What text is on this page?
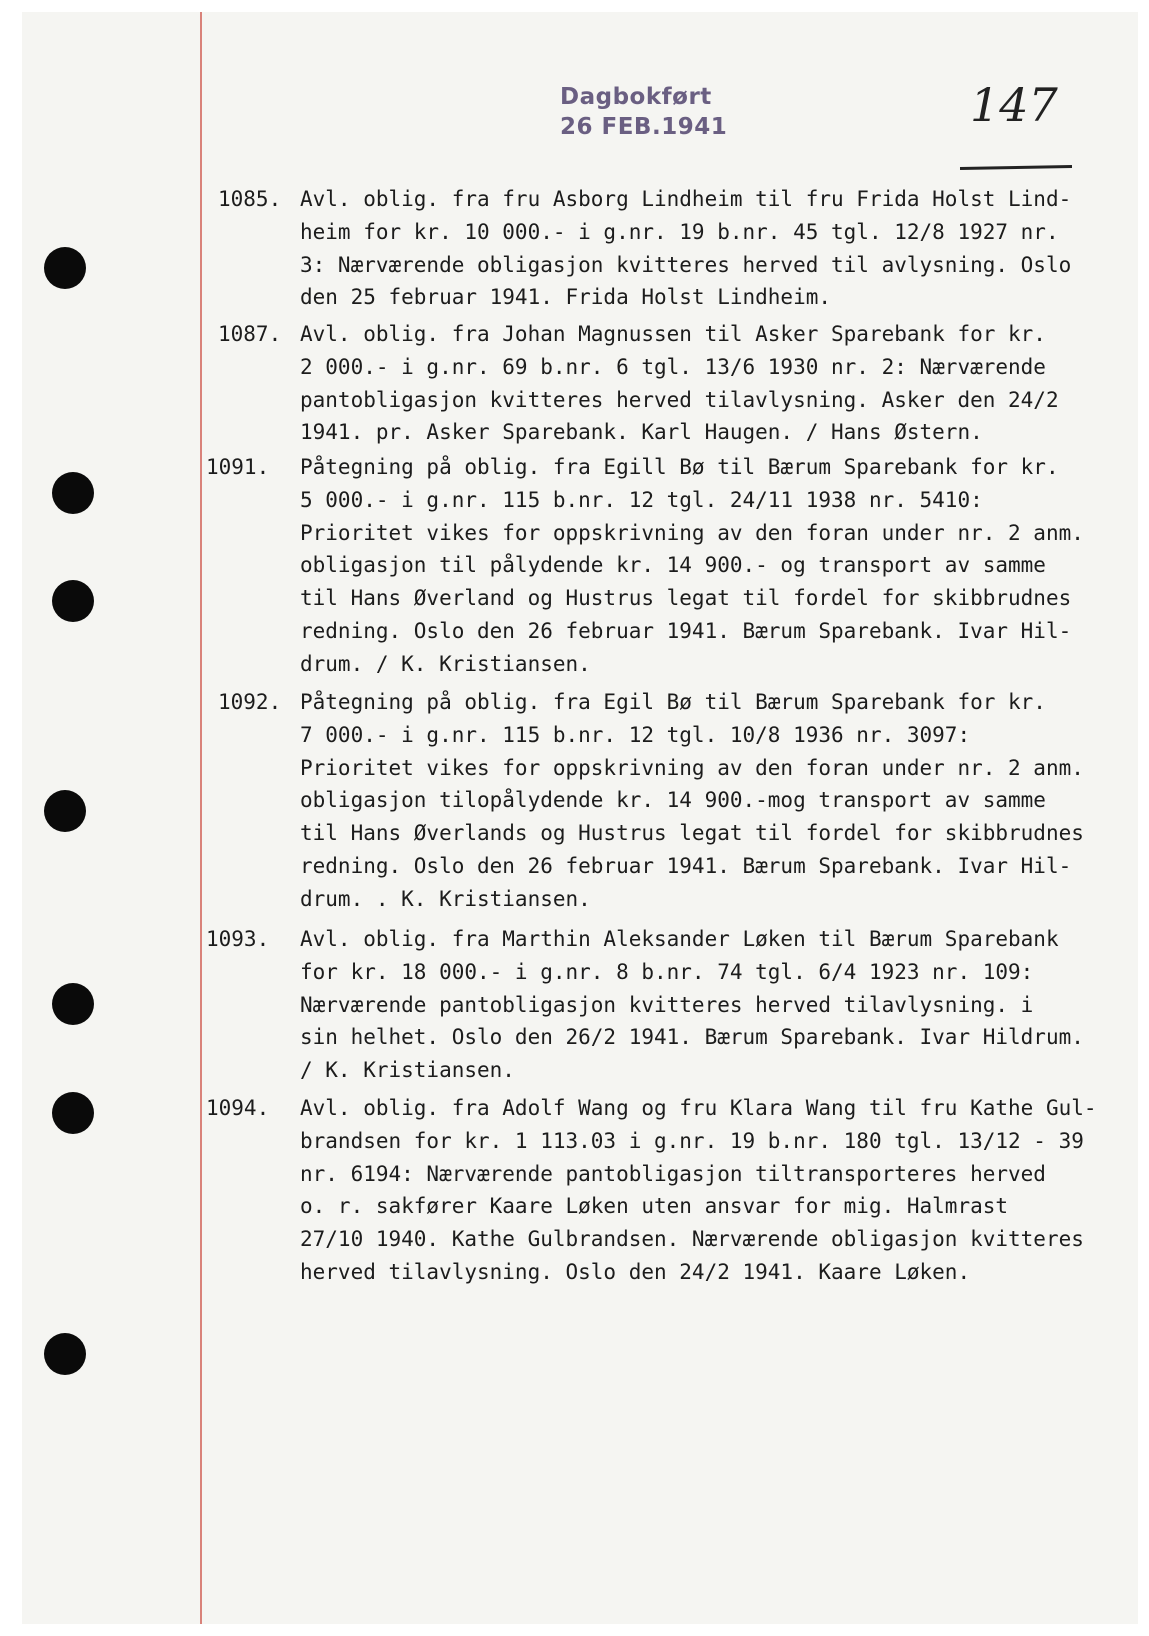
Dagbokført
26 FEB.1941	147
1085. Avl. oblig. fra fru Asborg Lindheim til fru Frida Holst Lind-
heim for kr. 10 000.- i g.nr. 19 b.nr. 45 tgl. 12/8 1927 nr.
3: Nærværende obligasjon kvitteres herved til avlysning. Oslo
den 25 februar 1941. Frida Holst Lindheim.
1087. Avl. oblig. fra Johan Magnussen til Asker Sparebank for kr.
2 000.- i g.nr. 69 b.nr. 6 tgl. 13/6 1930 nr. 2: Nærværende
pantobligasjon kvitteres herved tilavlysning. Asker den 24/2
1941. pr. Asker Sparebank. Karl Haugen. / Hans Østern.
1091. Påtegning på oblig. fra Egill Bø til Bærum Sparebank for kr.
5 000.- i g.nr. 115 b.nr. 12 tgl. 24/11 1938 nr. 5410:
Prioritet vikes for oppskrivning av den foran under nr. 2 anm.
obligasjon til pålydende kr. 14 900.- og transport av samme
til Hans Øverland og Hustrus legat til fordel for skibbrudnes
redning. Oslo den 26 februar 1941. Bærum Sparebank. Ivar Hil-
drum. / K. Kristiansen.
1092. Påtegning på oblig. fra Egil Bø til Bærum Sparebank for kr.
7 000.- i g.nr. 115 b.nr. 12 tgl. 10/8 1936 nr. 3097:
Prioritet vikes for oppskrivning av den foran under nr. 2 anm.
obligasjon tilopålydende kr. 14 900.-mog transport av samme
til Hans Øverlands og Hustrus legat til fordel for skibbrudnes
redning. Oslo den 26 februar 1941. Bærum Sparebank. Ivar Hil-
drum. . K. Kristiansen.
1093. Avl. oblig. fra Marthin Aleksander Løken til Bærum Sparebank
for kr. 18 000.- i g.nr. 8 b.nr. 74 tgl. 6/4 1923 nr. 109:
Nærværende pantobligasjon kvitteres herved tilavlysning. i
sin helhet. Oslo den 26/2 1941. Bærum Sparebank. Ivar Hildrum.
/ K. Kristiansen.
1094. Avl. oblig. fra Adolf Wang og fru Klara Wang til fru Kathe Gul-
brandsen for kr. 1 113.03 i g.nr. 19 b.nr. 180 tgl. 13/12 - 39
nr. 6194: Nærværende pantobligasjon tiltransporteres herved
o. r. sakfører Kaare Løken uten ansvar for mig. Halmrast
27/10 1940. Kathe Gulbrandsen. Nærværende obligasjon kvitteres
herved tilavlysning. Oslo den 24/2 1941. Kaare Løken.
